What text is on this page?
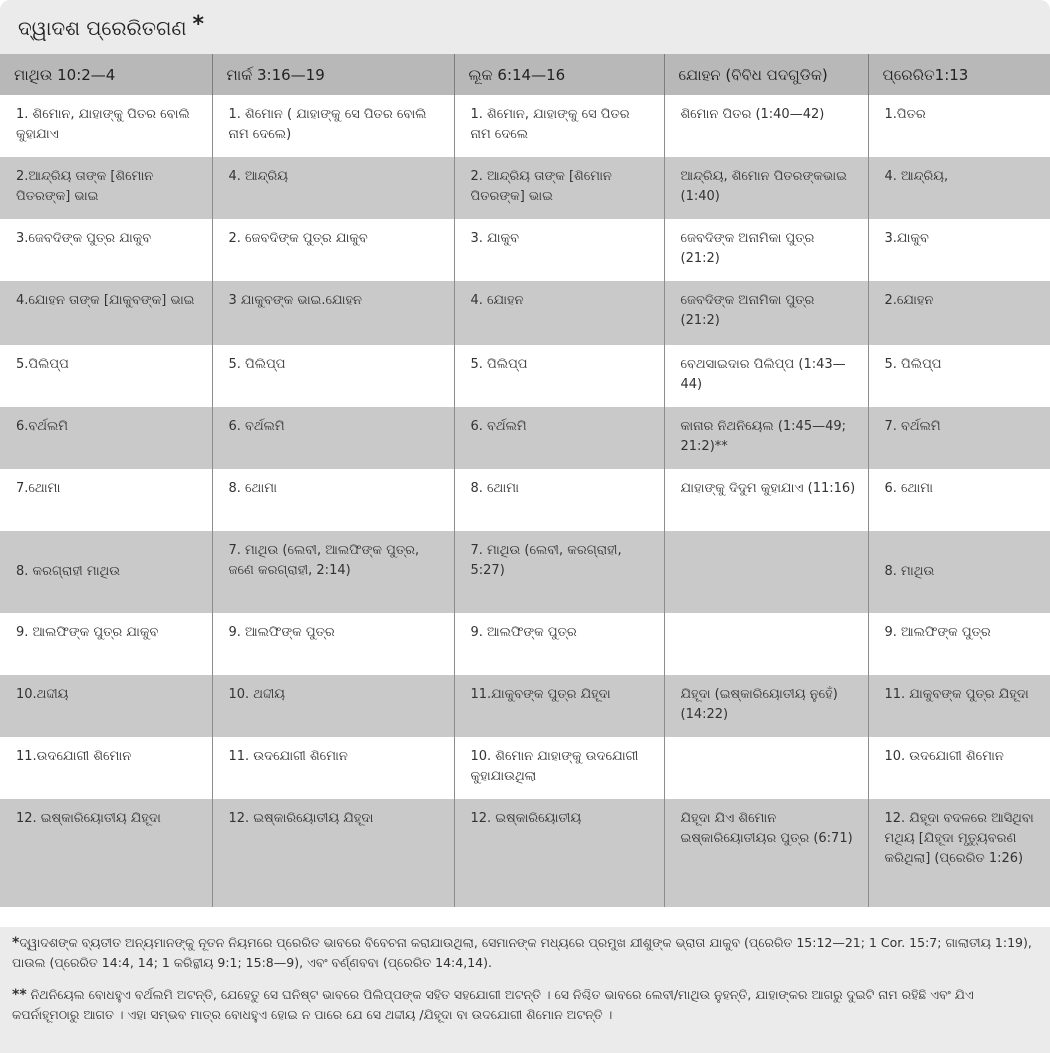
ଦ୍ୱାଦଶ ପ୍ରେରିତଗଣ *
ମାଥିଉ 10:2—4	ମାର୍କ 3:16—19	ଲୂକ 6:14—16	ଯୋହନ (ବିବିଧ ପଦଗୁଡିକ)	ପ୍ରେରିତ1:13
1. ଶିମୋନ, ଯାହାଙ୍କୁ ପିତର ବୋଲି କୁହାଯାଏ	1. ଶିମୋନ ( ଯାହାଙ୍କୁ ସେ ପିତର ବୋଲି ନାମ ଦେଲେ)	1. ଶିମୋନ, ଯାହାଙ୍କୁ ସେ ପିତର ନାମ ଦେଲେ	ଶିମୋନ ପିତର (1:40—42)	1.ପିତର
2.ଆନ୍ଦ୍ରିୟ ତାଙ୍କ [ଶିମୋନ ପିତରଙ୍କ] ଭାଇ	4. ଆନ୍ଦ୍ରିୟ	2. ଆନ୍ଦ୍ରିୟ ତାଙ୍କ [ଶିମୋନ ପିତରଙ୍କ] ଭାଇ	ଆନ୍ଦ୍ରିୟ, ଶିମୋନ ପିତରଙ୍କଭାଇ (1:40)	4. ଆନ୍ଦ୍ରିୟ,
3.ଜେବଦିଙ୍କ ପୁତ୍ର ଯାକୁବ	2. ଜେବଦିଙ୍କ ପୁତ୍ର ଯାକୁବ	3. ଯାକୁବ	ଜେବଦିଙ୍କ ଅନାମିକା ପୁତ୍ର (21:2)	3.ଯାକୁବ
4.ଯୋହନ ତାଙ୍କ [ଯାକୁବଙ୍କ] ଭାଇ	3 ଯାକୁବଙ୍କ ଭାଇ.ଯୋହନ	4. ଯୋହନ	ଜେବଦିଙ୍କ ଅନାମିକା ପୁତ୍ର (21:2)	2.ଯୋହନ
5.ପିଲିପ୍ପ	5. ପିଲିପ୍ପ	5. ପିଲିପ୍ପ	ବେଥସାଇଦାର ପିଲିପ୍ପ (1:43—44)	5. ପିଲିପ୍ପ
6.ବର୍ଥଲମି	6. ବର୍ଥଲମି	6. ବର୍ଥଲମି	କାନାର ନିଥନିୟେଲ (1:45—49; 21:2)**	7. ବର୍ଥଲମି
7.ଥୋମା	8. ଥୋମା	8. ଥୋମା	ଯାହାଙ୍କୁ ଦିଦୁମ କୁହାଯାଏ (11:16)	6. ଥୋମା
8. କରଗ୍ରାହୀ ମାଥିଉ	7. ମାଥିଉ (ଲେବୀ, ଆଲଫିଙ୍କ ପୁତ୍ର, ଜଣେ କରଗ୍ରାହୀ, 2:14)	7. ମାଥିଉ (ଲେବୀ, କରଗ୍ରାହୀ, 5:27)		8. ମାଥିଉ
9. ଆଲଫିଙ୍କ ପୁତ୍ର ଯାକୁବ	9. ଆଲଫିଙ୍କ ପୁତ୍ର	9. ଆଲଫିଙ୍କ ପୁତ୍ର		9. ଆଲଫିଙ୍କ ପୁତ୍ର
10.ଥଦ୍ଦୀୟ	10. ଥଦ୍ଦୀୟ	11.ଯାକୁବଙ୍କ ପୁତ୍ର ଯିହୂଦା	ଯିହୂଦା (ଇଷ୍କାରିୟୋତୀୟ ନୁହେଁ) (14:22)	11. ଯାକୁବଙ୍କ ପୁତ୍ର ଯିହୂଦା
11.ଉଦଯୋଗୀ ଶିମୋନ	11. ଉଦଯୋଗୀ ଶିମୋନ	10. ଶିମୋନ ଯାହାଙ୍କୁ ଉଦଯୋଗୀ କୁହାଯାଉଥିଲା		10. ଉଦଯୋଗୀ ଶିମୋନ
12. ଇଷ୍କାରିୟୋତୀୟ ଯିହୂଦା	12. ଇଷ୍କାରିୟୋତୀୟ ଯିହୂଦା	12. ଇଷ୍କାରିୟୋତୀୟ	ଯିହୂଦା ଯିଏ ଶିମୋନ ଇଷ୍କାରିୟୋତୀୟର ପୁତ୍ର (6:71)	12. ଯିହୂଦା ବଦଳରେ ଆସିଥିବା ମଥିୟ [ଯିହୂଦା ମୃତ୍ୟୁବରଣ କରିଥିଲା] (ପ୍ରେରିତ 1:26)
*ଦ୍ୱାଦଶଙ୍କ ବ୍ୟତୀତ ଅନ୍ୟମାନଙ୍କୁ ନୂତନ ନିୟମରେ ପ୍ରେରିତ ଭାବରେ ବିବେଚନା କରାଯାଉଥିଲା, ସେମାନଙ୍କ ମଧ୍ୟରେ ପ୍ରମୁଖ ଯୀଶୁଙ୍କ ଭ୍ରାତା ଯାକୁବ (ପ୍ରେରିତ 15:12—21; 1 Cor. 15:7; ଗାଲାତୀୟ 1:19), ପାଉଲ (ପ୍ରେରିତ 14:4, 14; 1 କରିନ୍ଥୀୟ 9:1; 15:8—9), ଏବଂ ବର୍ଣ୍ଣବବା (ପ୍ରେରିତ 14:4,14).
** ନିଥନିୟେଲ ବୋଧହୁଏ ବର୍ଥଲମି ଅଟନ୍ତି, ଯେହେତୁ ସେ ଘନିଷ୍ଟ ଭାବରେ ପିଲିପ୍ପଙ୍କ ସହିତ ସହଯୋଗୀ ଅଟନ୍ତି । ସେ ନିଶ୍ଚିତ ଭାବରେ ଲେବୀ/ମାଥିଉ ନୁହନ୍ତି, ଯାହାଙ୍କର ଆଗରୁ ଦୁଇଟି ନାମ ରହିଛି ଏବଂ ଯିଏ କପର୍ନାହୂମଠାରୁ ଆଗତ । ଏହା ସମ୍ଭବ ମାତ୍ର ବୋଧହୁଏ ହୋଇ ନ ପାରେ ଯେ ସେ ଥଦ୍ଦୀୟ /ଯିହୂଦା ବା ଉଦଯୋଗୀ ଶିମୋନ ଅଟନ୍ତି ।
